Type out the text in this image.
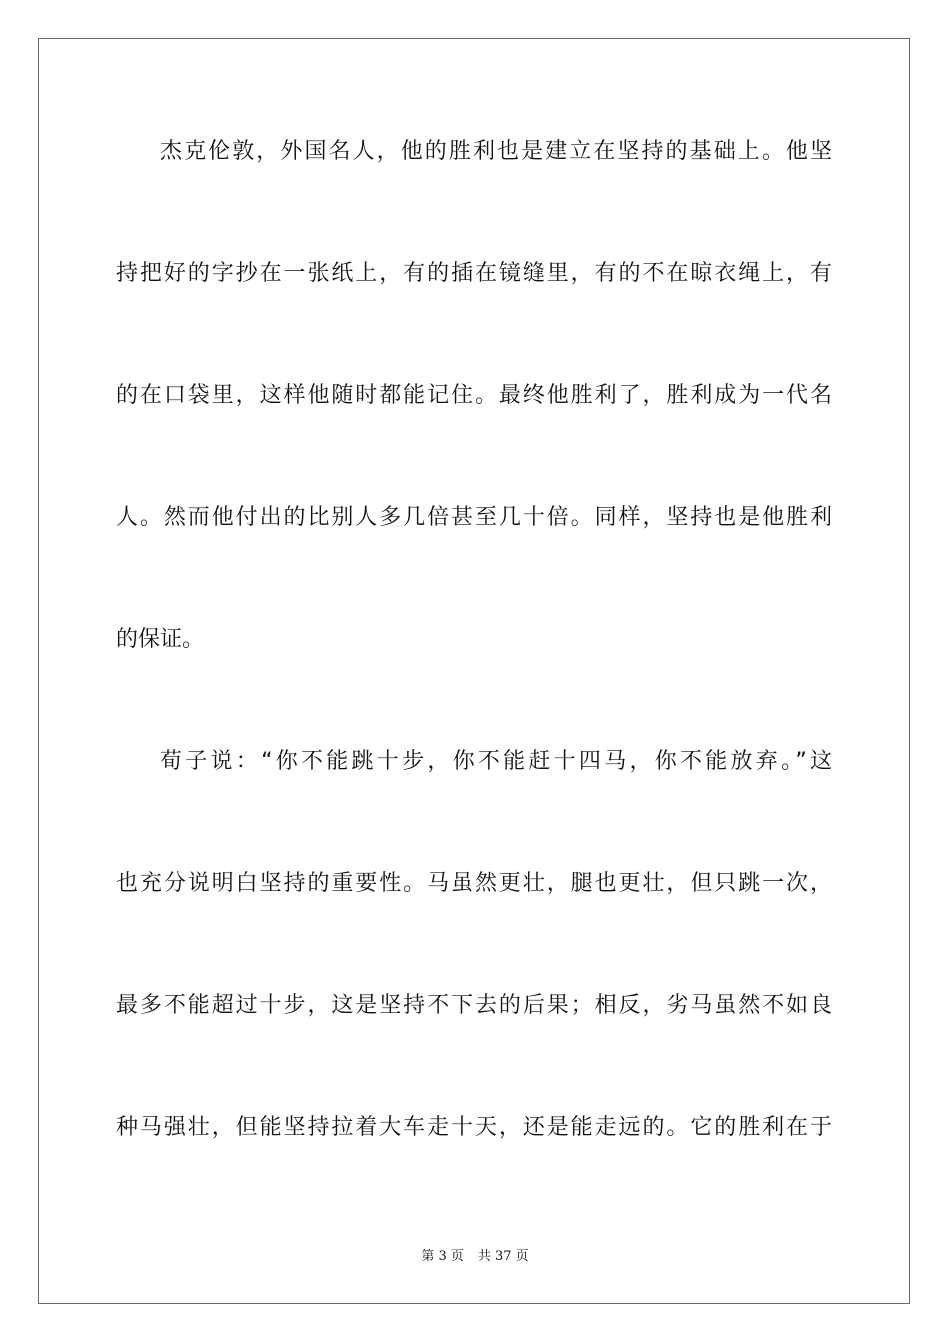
杰克伦敦，外国名人，他的胜利也是建立在坚持的基础上。他坚
持把好的字抄在一张纸上，有的插在镜缝里，有的不在晾衣绳上，有
的在口袋里，这样他随时都能记住。最终他胜利了，胜利成为一代名
人。然而他付出的比别人多几倍甚至几十倍。同样，坚持也是他胜利
的保证。
荀子说：“你不能跳十步，你不能赶十四马，你不能放弃。”这
也充分说明白坚持的重要性。马虽然更壮，腿也更壮，但只跳一次，
最多不能超过十步，这是坚持不下去的后果；相反，劣马虽然不如良
种马强壮，但能坚持拉着大车走十天，还是能走远的。它的胜利在于
第 3 页 共 37 页
